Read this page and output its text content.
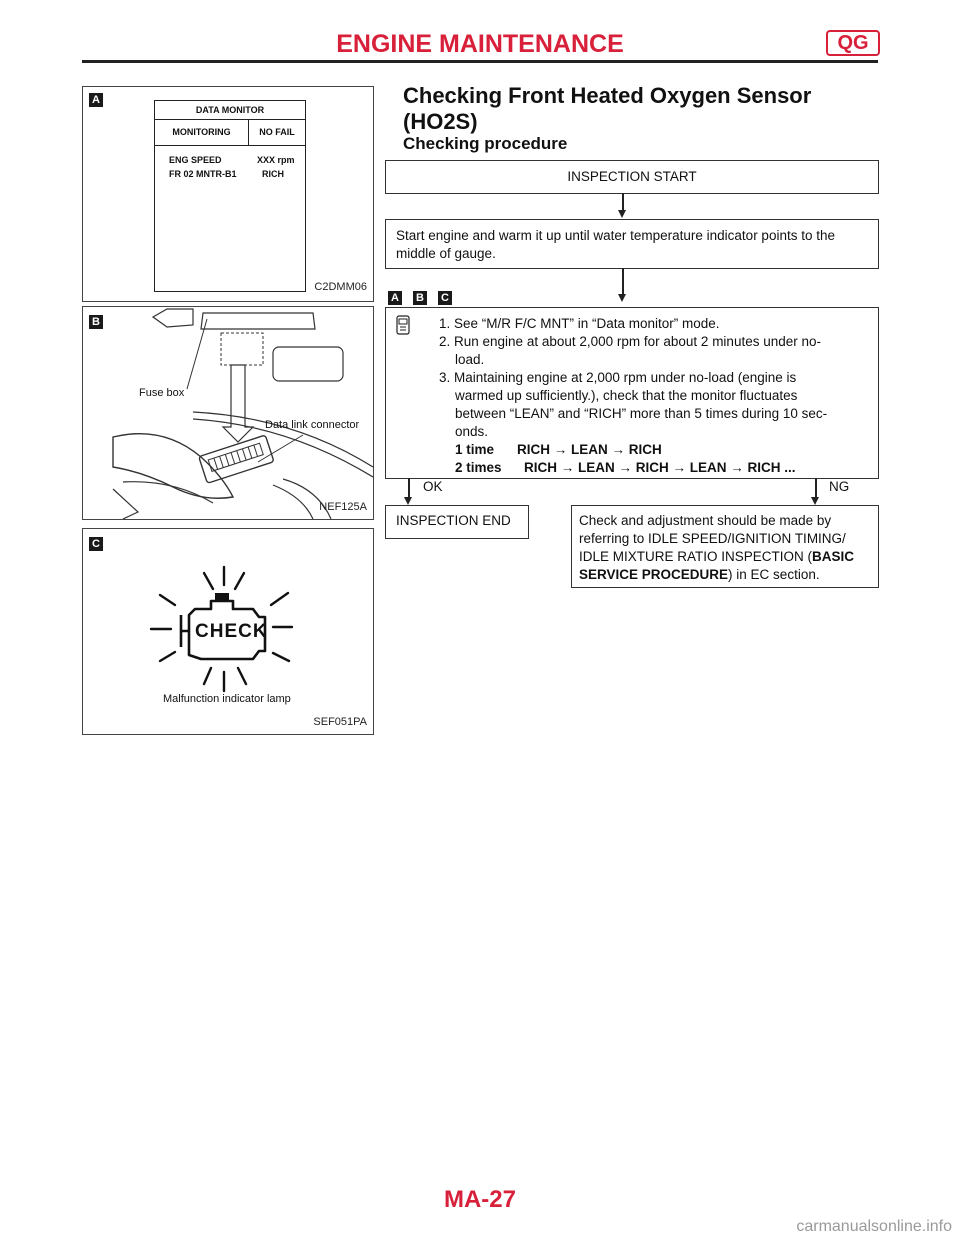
ENGINE MAINTENANCE	QG
A
C2DMM06
DATA MONITOR
MONITORING	NO FAIL
ENG SPEED	XXX rpm
FR 02 MNTR-B1	RICH
B
Fuse box
Data link connector
NEF125A
C
CHECK
Malfunction indicator lamp
SEF051PA
Checking Front Heated Oxygen Sensor
(HO2S)
Checking procedure
INSPECTION START
Start engine and warm it up until water temperature indicator points to the
middle of gauge.
A B C
1. See “M/R F/C MNT” in “Data monitor” mode.
2. Run engine at about 2,000 rpm for about 2 minutes under no-
load.
3. Maintaining engine at 2,000 rpm under no-load (engine is
warmed up sufficiently.), check that the monitor fluctuates
between “LEAN” and “RICH” more than 5 times during 10 sec-
onds.
1 time RICH → LEAN → RICH
2 times RICH → LEAN → RICH → LEAN → RICH ...
OK	NG
INSPECTION END	Check and adjustment should be made by
referring to IDLE SPEED/IGNITION TIMING/
IDLE MIXTURE RATIO INSPECTION (BASIC
SERVICE PROCEDURE) in EC section.
MA-27
carmanualsonline.info
